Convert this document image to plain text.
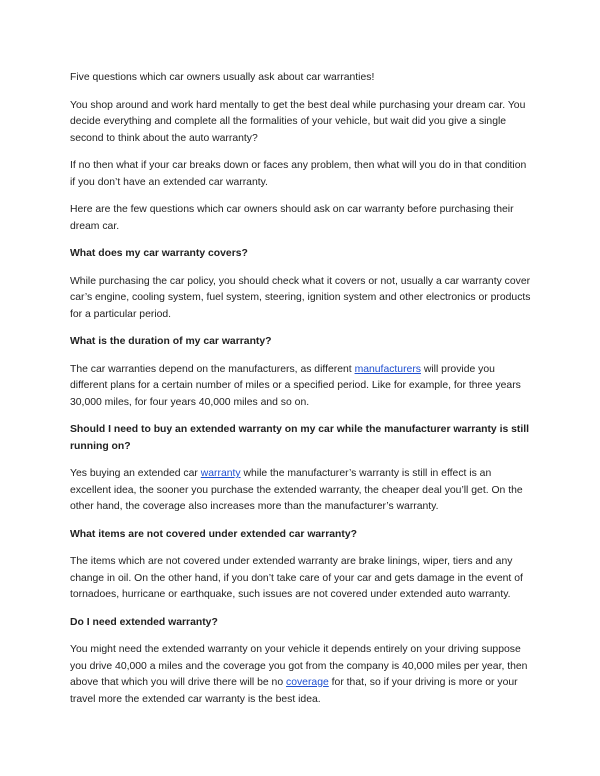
Five questions which car owners usually ask about car warranties!

You shop around and work hard mentally to get the best deal while purchasing your dream car. You decide everything and complete all the formalities of your vehicle, but wait did you give a single second to think about the auto warranty?

If no then what if your car breaks down or faces any problem, then what will you do in that condition if you don’t have an extended car warranty.

Here are the few questions which car owners should ask on car warranty before purchasing their dream car.

What does my car warranty covers?

While purchasing the car policy, you should check what it covers or not, usually a car warranty cover car’s engine, cooling system, fuel system, steering, ignition system and other electronics or products for a particular period.

What is the duration of my car warranty?

The car warranties depend on the manufacturers, as different manufacturers will provide you different plans for a certain number of miles or a specified period. Like for example, for three years 30,000 miles, for four years 40,000 miles and so on.

Should I need to buy an extended warranty on my car while the manufacturer warranty is still running on?

Yes buying an extended car warranty while the manufacturer’s warranty is still in effect is an excellent idea, the sooner you purchase the extended warranty, the cheaper deal you’ll get. On the other hand, the coverage also increases more than the manufacturer’s warranty.

What items are not covered under extended car warranty?

The items which are not covered under extended warranty are brake linings, wiper, tiers and any change in oil. On the other hand, if you don’t take care of your car and gets damage in the event of tornadoes, hurricane or earthquake, such issues are not covered under extended auto warranty.

Do I need extended warranty?

You might need the extended warranty on your vehicle it depends entirely on your driving suppose you drive 40,000 a miles and the coverage you got from the company is 40,000 miles per year, then above that which you will drive there will be no coverage for that, so if your driving is more or your travel more the extended car warranty is the best idea.
